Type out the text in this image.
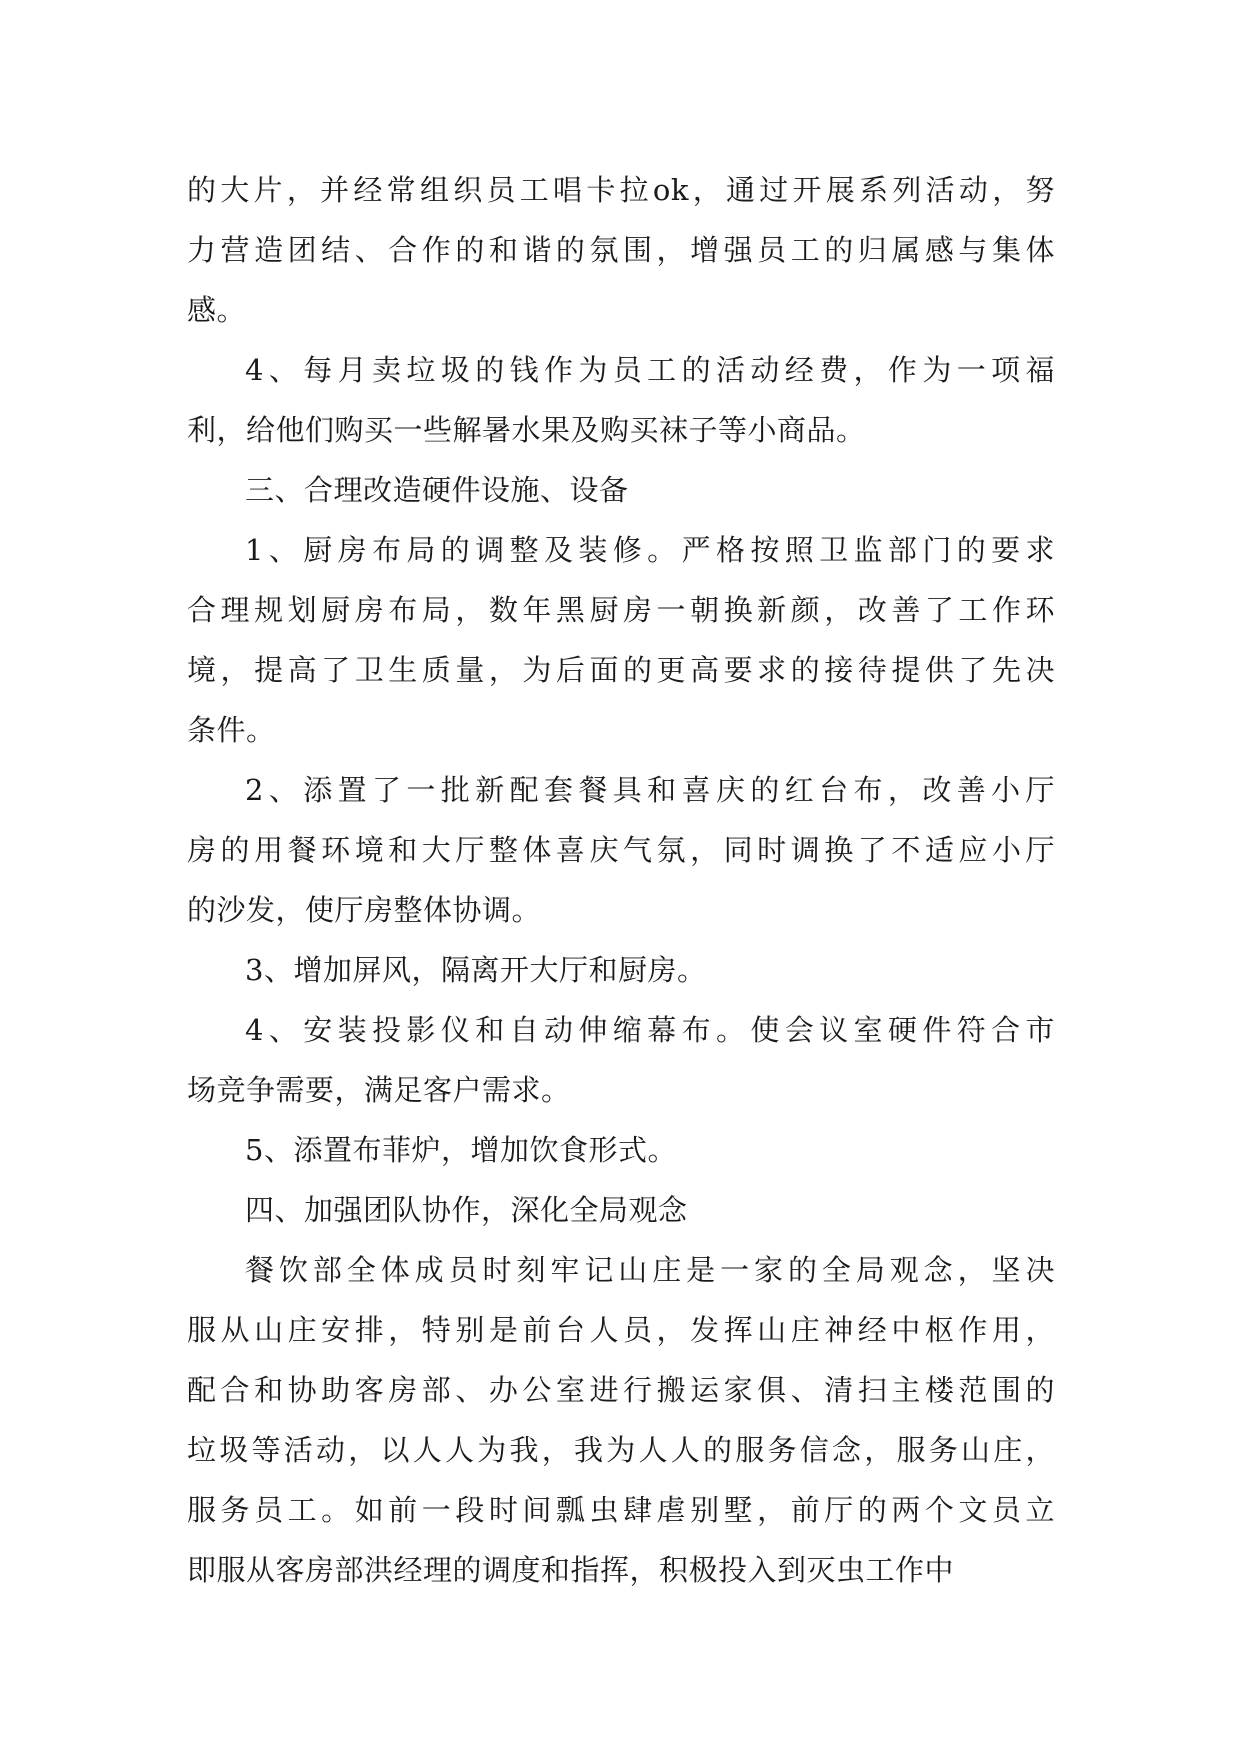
的大片，并经常组织员工唱卡拉ok，通过开展系列活动，努
力营造团结、合作的和谐的氛围，增强员工的归属感与集体
感。
4、每月卖垃圾的钱作为员工的活动经费，作为一项福
利，给他们购买一些解暑水果及购买袜子等小商品。
三、合理改造硬件设施、设备
1、厨房布局的调整及装修。严格按照卫监部门的要求
合理规划厨房布局，数年黑厨房一朝换新颜，改善了工作环
境，提高了卫生质量，为后面的更高要求的接待提供了先决
条件。
2、添置了一批新配套餐具和喜庆的红台布，改善小厅
房的用餐环境和大厅整体喜庆气氛，同时调换了不适应小厅
的沙发，使厅房整体协调。
3、增加屏风，隔离开大厅和厨房。
4、安装投影仪和自动伸缩幕布。使会议室硬件符合市
场竞争需要，满足客户需求。
5、添置布菲炉，增加饮食形式。
四、加强团队协作，深化全局观念
餐饮部全体成员时刻牢记山庄是一家的全局观念，坚决
服从山庄安排，特别是前台人员，发挥山庄神经中枢作用，
配合和协助客房部、办公室进行搬运家俱、清扫主楼范围的
垃圾等活动，以人人为我，我为人人的服务信念，服务山庄，
服务员工。如前一段时间瓢虫肆虐别墅，前厅的两个文员立
即服从客房部洪经理的调度和指挥，积极投入到灭虫工作中
